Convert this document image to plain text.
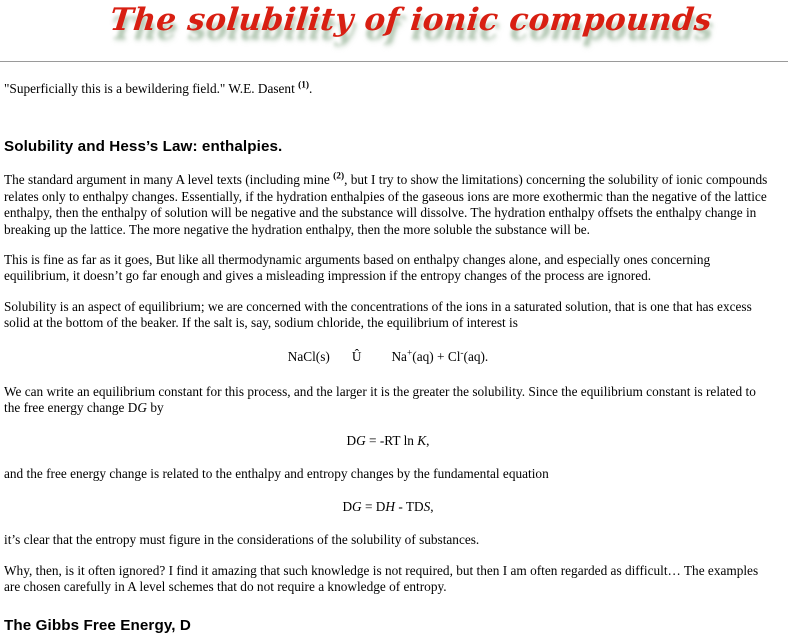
The solubility of ionic compounds

"Superficially this is a bewildering field." W.E. Dasent $^{(1)}$.

Solubility and Hess’s Law: enthalpies.

The standard argument in many A level texts (including mine $^{(2)}$, but I try to show the limitations) concerning the solubility of ionic compounds relates only to enthalpy changes. Essentially, if the hydration enthalpies of the gaseous ions are more exothermic than the negative of the lattice enthalpy, then the enthalpy of solution will be negative and the substance will dissolve. The hydration enthalpy offsets the enthalpy change in breaking up the lattice. The more negative the hydration enthalpy, then the more soluble the substance will be.

This is fine as far as it goes, But like all thermodynamic arguments based on enthalpy changes alone, and especially ones concerning equilibrium, it doesn’t go far enough and gives a misleading impression if the entropy changes of the process are ignored.

Solubility is an aspect of equilibrium; we are concerned with the concentrations of the ions in a saturated solution, that is one that has excess solid at the bottom of the beaker. If the salt is, say, sodium chloride, the equilibrium of interest is

NaCl(s) Û Na+(aq) + Cl-(aq).

We can write an equilibrium constant for this process, and the larger it is the greater the solubility. Since the equilibrium constant is related to the free energy change DG by

DG = -RT ln K,

and the free energy change is related to the enthalpy and entropy changes by the fundamental equation

DG = DH - TDS,

it’s clear that the entropy must figure in the considerations of the solubility of substances.

Why, then, is it often ignored? I find it amazing that such knowledge is not required, but then I am often regarded as difficult… The examples are chosen carefully in A level schemes that do not require a knowledge of entropy.

The Gibbs Free Energy, D
